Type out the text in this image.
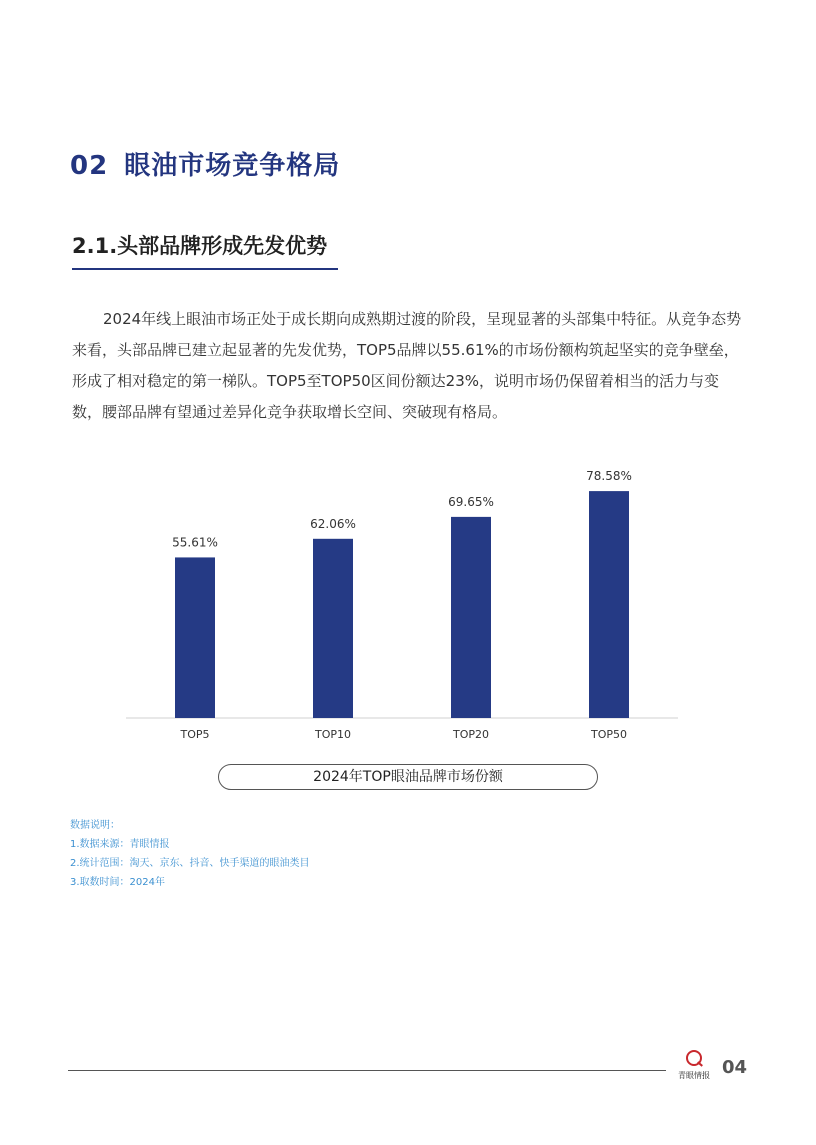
02 眼油市场竞争格局
2.1.头部品牌形成先发优势

2024年线上眼油市场正处于成长期向成熟期过渡的阶段，呈现显著的头部集中特征。从竞争态势来看，头部品牌已建立起显著的先发优势，TOP5品牌以55.61%的市场份额构筑起坚实的竞争壁垒，形成了相对稳定的第一梯队。TOP5至TOP50区间份额达23%，说明市场仍保留着相当的活力与变数，腰部品牌有望通过差异化竞争获取增长空间、突破现有格局。

55.61%
TOP5
62.06%
TOP10
69.65%
TOP20
78.58%
TOP50
2024年TOP眼油品牌市场份额
数据说明：
1.数据来源：青眼情报
2.统计范围：淘天、京东、抖音、快手渠道的眼油类目
3.取数时间：2024年
青眼情报 04
